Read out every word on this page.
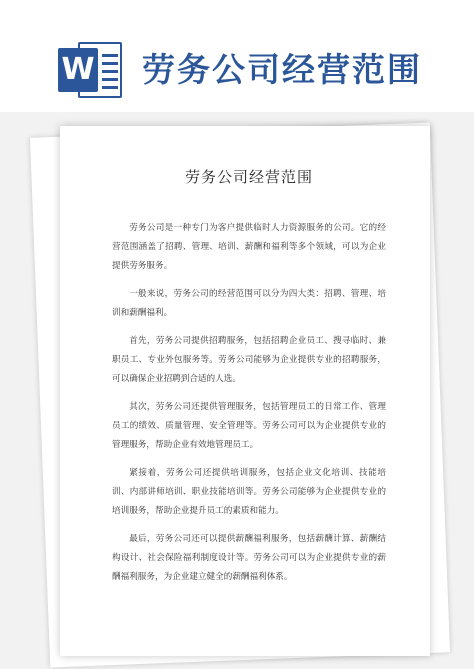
W 劳务公司经营范围
劳务公司经营范围

劳务公司是一种专门为客户提供临时人力资源服务的公司。它的经营范围涵盖了招聘、管理、培训、薪酬和福利等多个领域，可以为企业提供劳务服务。

一般来说，劳务公司的经营范围可以分为四大类：招聘、管理、培训和薪酬福利。

首先，劳务公司提供招聘服务，包括招聘企业员工、搜寻临时、兼职员工、专业外包服务等。劳务公司能够为企业提供专业的招聘服务，可以确保企业招聘到合适的人选。

其次，劳务公司还提供管理服务，包括管理员工的日常工作、管理员工的绩效、质量管理、安全管理等。劳务公司可以为企业提供专业的管理服务，帮助企业有效地管理员工。

紧接着，劳务公司还提供培训服务，包括企业文化培训、技能培训、内部讲师培训、职业技能培训等。劳务公司能够为企业提供专业的培训服务，帮助企业提升员工的素质和能力。

最后，劳务公司还可以提供薪酬福利服务，包括薪酬计算、薪酬结构设计、社会保险福利制度设计等。劳务公司可以为企业提供专业的薪酬福利服务，为企业建立健全的薪酬福利体系。
